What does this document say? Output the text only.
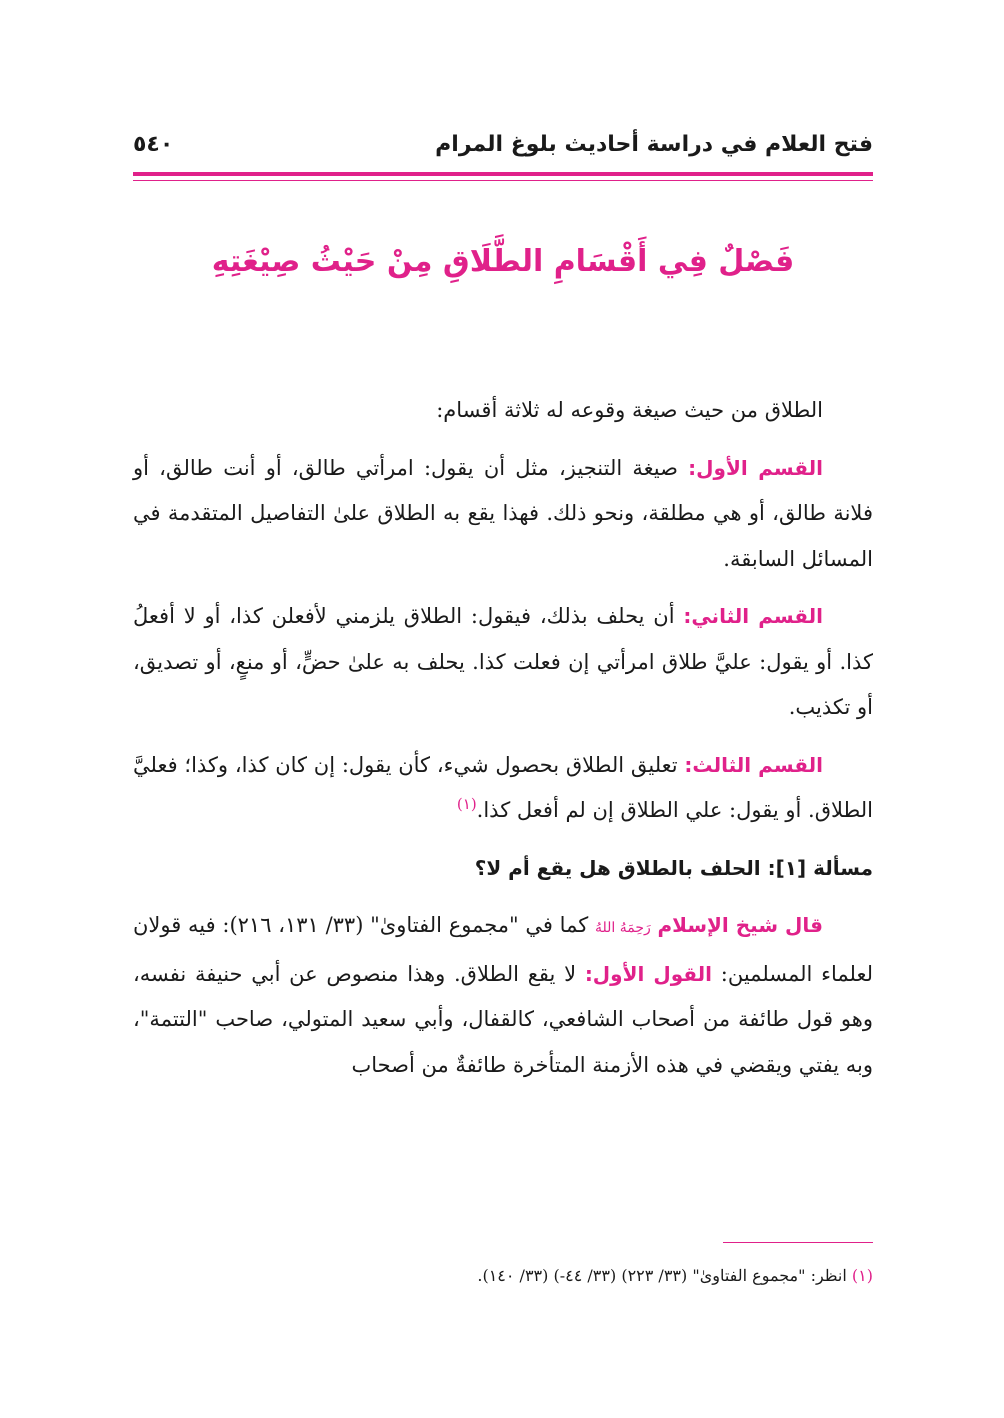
فتح العلام في دراسة أحاديث بلوغ المرام
٥٤٠
فَصْلٌ فِي أَقْسَامِ الطَّلَاقِ مِنْ حَيْثُ صِيْغَتِهِ

الطلاق من حيث صيغة وقوعه له ثلاثة أقسام:

القسم الأول: صيغة التنجيز، مثل أن يقول: امرأتي طالق، أو أنت طالق، أو فلانة طالق، أو هي مطلقة، ونحو ذلك. فهذا يقع به الطلاق علىٰ التفاصيل المتقدمة في المسائل السابقة.

القسم الثاني: أن يحلف بذلك، فيقول: الطلاق يلزمني لأفعلن كذا، أو لا أفعلُ كذا. أو يقول: عليَّ طلاق امرأتي إن فعلت كذا. يحلف به علىٰ حضٍّ، أو منعٍ، أو تصديق، أو تكذيب.

القسم الثالث: تعليق الطلاق بحصول شيء، كأن يقول: إن كان كذا، وكذا؛ فعليَّ الطلاق. أو يقول: علي الطلاق إن لم أفعل كذا.$^{(١)}$

مسألة [١]: الحلف بالطلاق هل يقع أم لا؟

قال شيخ الإسلام رَحِمَهُ اللهُ كما في "مجموع الفتاوىٰ" (٣٣/ ١٣١، ٢١٦): فيه قولان لعلماء المسلمين: القول الأول: لا يقع الطلاق. وهذا منصوص عن أبي حنيفة نفسه، وهو قول طائفة من أصحاب الشافعي، كالقفال، وأبي سعيد المتولي، صاحب "التتمة"، وبه يفتي ويقضي في هذه الأزمنة المتأخرة طائفةٌ من أصحاب

(١) انظر: "مجموع الفتاوىٰ" (٣٣/ ٢٢٣) (٣٣/ ٤٤-) (٣٣/ ١٤٠).
